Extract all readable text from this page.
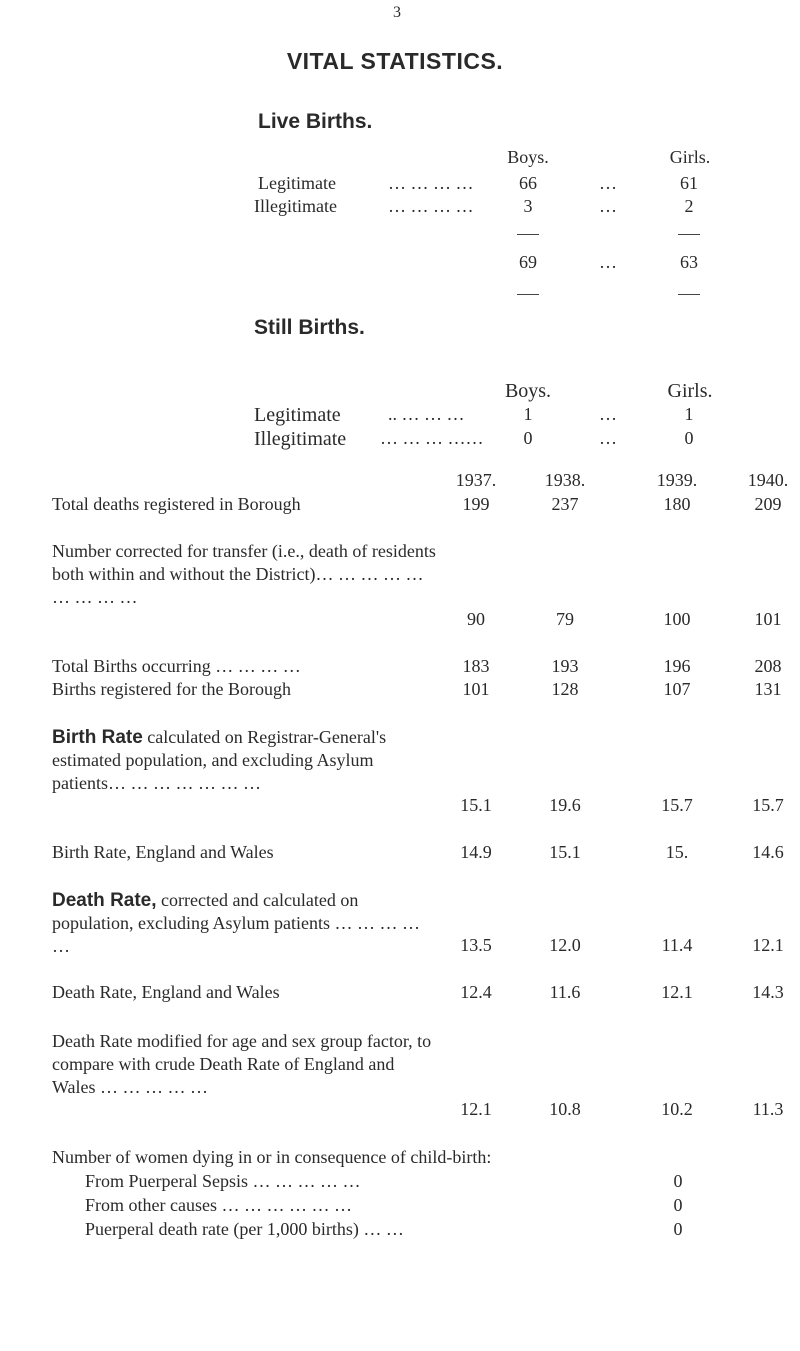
3
VITAL STATISTICS.
Live Births.
Boys.	Girls.
Legitimate	… … … …	66	…	61
Illegitimate	… … … …	3	…	2
69	…	63
Still Births.
Boys.	Girls.
Legitimate	.. … … …	1	…	1
Illegitimate … … … …… 0	…	0
1937.	1938.	1939.	1940.
Total deaths registered in Borough	199	237	180	209
Number corrected for transfer (i.e., death of residents both within and without the District)… … … … … … … … …
90	79	100	101
Total Births occurring … … … …	183	193	196	208
Births registered for the Borough	101	128	107	131
Birth Rate calculated on Registrar-General's estimated population, and excluding Asylum patients… … … … … … …
15.1	19.6	15.7	15.7
Birth Rate, England and Wales	14.9	15.1	15.	14.6
Death Rate, corrected and calculated on population, excluding Asylum patients … … … … …	13.5	12.0	11.4	12.1
Death Rate, England and Wales	12.4	11.6	12.1	14.3
Death Rate modified for age and sex group factor, to compare with crude Death Rate of England and Wales … … … … …
12.1	10.8	10.2	11.3
Number of women dying in or in consequence of child-birth:
From Puerperal Sepsis … … … … …	0
From other causes … … … … … …	0
Puerperal death rate (per 1,000 births) … …	0
